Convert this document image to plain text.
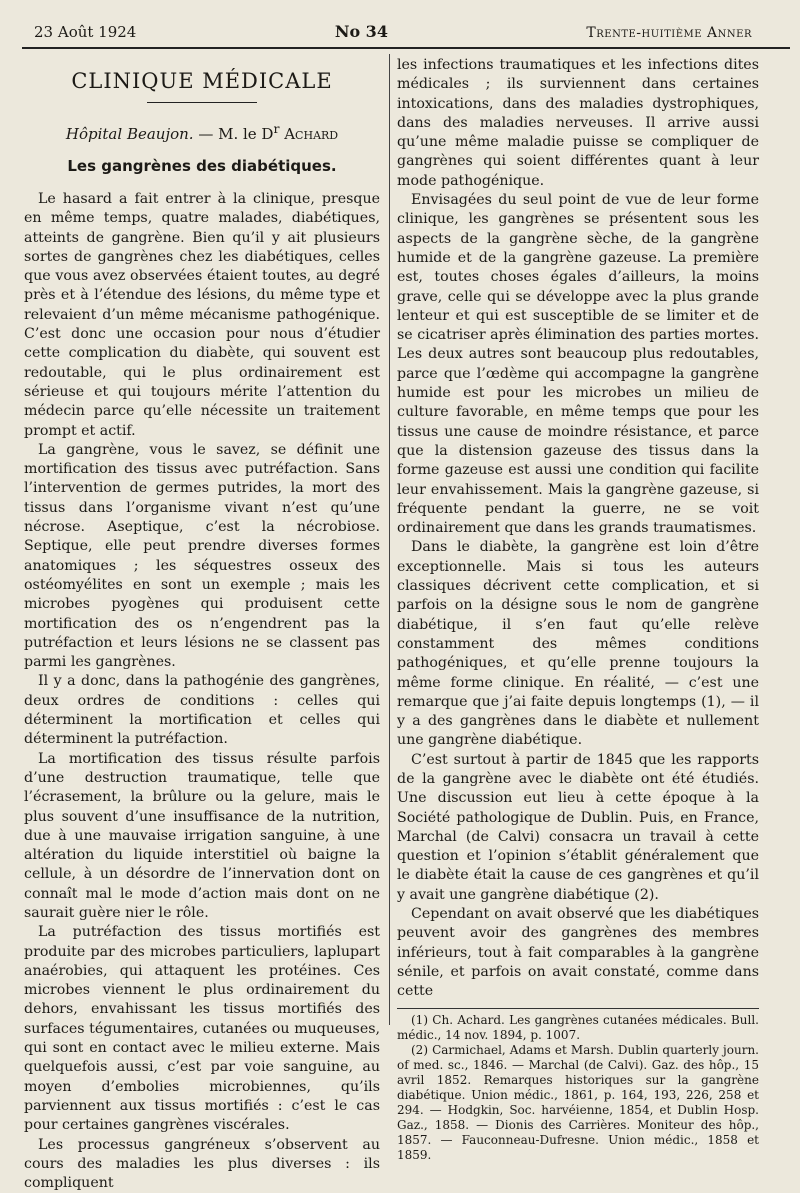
23 Août 1924	No 34	Trente-huitième Anner
CLINIQUE MÉDICALE
Hôpital Beaujon. — M. le $D^r$ Achard
Les gangrènes des diabétiques.

Le hasard a fait entrer à la clinique, presque en même temps, quatre malades, diabétiques, atteints de gangrène. Bien qu’il y ait plusieurs sortes de gangrènes chez les diabétiques, celles que vous avez observées étaient toutes, au degré près et à l’étendue des lésions, du même type et relevaient d’un même mécanisme pathogénique. C’est donc une occasion pour nous d’étudier cette complication du diabète, qui souvent est redoutable, qui le plus ordinairement est sérieuse et qui toujours mérite l’attention du médecin parce qu’elle nécessite un traitement prompt et actif.

La gangrène, vous le savez, se définit une mortification des tissus avec putréfaction. Sans l’intervention de germes putrides, la mort des tissus dans l’organisme vivant n’est qu’une nécrose. Aseptique, c’est la nécrobiose. Septique, elle peut prendre diverses formes anatomiques ; les séquestres osseux des ostéomyélites en sont un exemple ; mais les microbes pyogènes qui produisent cette mortification des os n’engendrent pas la putréfaction et leurs lésions ne se classent pas parmi les gangrènes.

Il y a donc, dans la pathogénie des gangrènes, deux ordres de conditions : celles qui déterminent la mortification et celles qui déterminent la putréfaction.

La mortification des tissus résulte parfois d’une destruction traumatique, telle que l’écrasement, la brûlure ou la gelure, mais le plus souvent d’une insuffisance de la nutrition, due à une mauvaise irrigation sanguine, à une altération du liquide interstitiel où baigne la cellule, à un désordre de l’innervation dont on connaît mal le mode d’action mais dont on ne saurait guère nier le rôle.

La putréfaction des tissus mortifiés est produite par des microbes particuliers, laplupart anaérobies, qui attaquent les protéines. Ces microbes viennent le plus ordinairement du dehors, envahissant les tissus mortifiés des surfaces tégumentaires, cutanées ou muqueuses, qui sont en contact avec le milieu externe. Mais quelquefois aussi, c’est par voie sanguine, au moyen d’embolies microbiennes, qu’ils parviennent aux tissus mortifiés : c’est le cas pour certaines gangrènes viscérales.

Les processus gangréneux s’observent au cours des maladies les plus diverses : ils compliquent

les infections traumatiques et les infections dites médicales ; ils surviennent dans certaines intoxications, dans des maladies dystrophiques, dans des maladies nerveuses. Il arrive aussi qu’une même maladie puisse se compliquer de gangrènes qui soient différentes quant à leur mode pathogénique.

Envisagées du seul point de vue de leur forme clinique, les gangrènes se présentent sous les aspects de la gangrène sèche, de la gangrène humide et de la gangrène gazeuse. La première est, toutes choses égales d’ailleurs, la moins grave, celle qui se développe avec la plus grande lenteur et qui est susceptible de se limiter et de se cicatriser après élimination des parties mortes. Les deux autres sont beaucoup plus redoutables, parce que l’œdème qui accompagne la gangrène humide est pour les microbes un milieu de culture favorable, en même temps que pour les tissus une cause de moindre résistance, et parce que la distension gazeuse des tissus dans la forme gazeuse est aussi une condition qui facilite leur envahissement. Mais la gangrène gazeuse, si fréquente pendant la guerre, ne se voit ordinairement que dans les grands traumatismes.

Dans le diabète, la gangrène est loin d’être exceptionnelle. Mais si tous les auteurs classiques décrivent cette complication, et si parfois on la désigne sous le nom de gangrène diabétique, il s’en faut qu’elle relève constamment des mêmes conditions pathogéniques, et qu’elle prenne toujours la même forme clinique. En réalité, — c’est une remarque que j’ai faite depuis longtemps (1), — il y a des gangrènes dans le diabète et nullement une gangrène diabétique.

C’est surtout à partir de 1845 que les rapports de la gangrène avec le diabète ont été étudiés. Une discussion eut lieu à cette époque à la Société pathologique de Dublin. Puis, en France, Marchal (de Calvi) consacra un travail à cette question et l’opinion s’établit généralement que le diabète était la cause de ces gangrènes et qu’il y avait une gangrène diabétique (2).

Cependant on avait observé que les diabétiques peuvent avoir des gangrènes des membres inférieurs, tout à fait comparables à la gangrène sénile, et parfois on avait constaté, comme dans cette

(1) Ch. Achard. Les gangrènes cutanées médicales. Bull. médic., 14 nov. 1894, p. 1007.

(2) Carmichael, Adams et Marsh. Dublin quarterly journ. of med. sc., 1846. — Marchal (de Calvi). Gaz. des hôp., 15 avril 1852. Remarques historiques sur la gangrène diabétique. Union médic., 1861, p. 164, 193, 226, 258 et 294. — Hodgkin, Soc. harvéienne, 1854, et Dublin Hosp. Gaz., 1858. — Dionis des Carrières. Moniteur des hôp., 1857. — Fauconneau-Dufresne. Union médic., 1858 et 1859.
